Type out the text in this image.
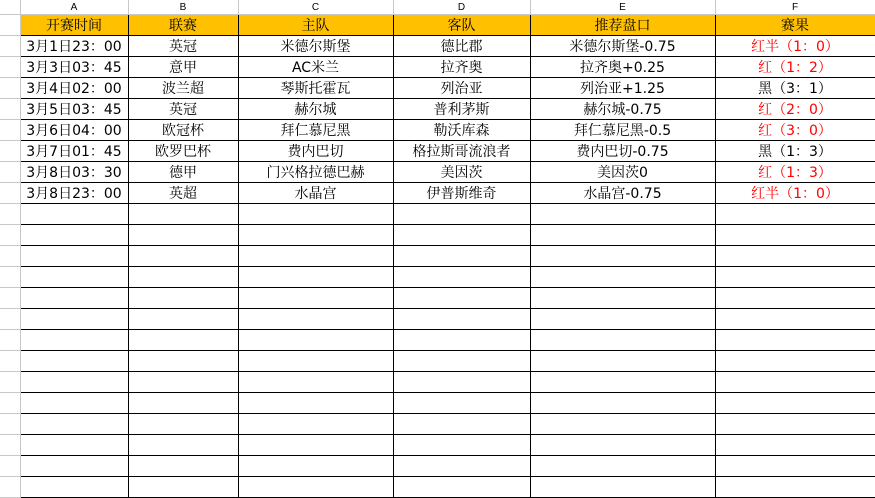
	A	B	C	D	E	F
	开赛时间	联赛	主队	客队	推荐盘口	赛果
	3月1日23：00	英冠	米德尔斯堡	德比郡	米德尔斯堡-0.75	红半（1：0）
	3月3日03：45	意甲	AC米兰	拉齐奥	拉齐奥+0.25	红（1：2）
	3月4日02：00	波兰超	琴斯托霍瓦	列治亚	列治亚+1.25	黑（3：1）
	3月5日03：45	英冠	赫尔城	普利茅斯	赫尔城-0.75	红（2：0）
	3月6日04：00	欧冠杯	拜仁慕尼黑	勒沃库森	拜仁慕尼黑-0.5	红（3：0）
	3月7日01：45	欧罗巴杯	费内巴切	格拉斯哥流浪者	费内巴切-0.75	黑（1：3）
	3月8日03：30	德甲	门兴格拉德巴赫	美因茨	美因茨0	红（1：3）
	3月8日23：00	英超	水晶宫	伊普斯维奇	水晶宫-0.75	红半（1：0）
